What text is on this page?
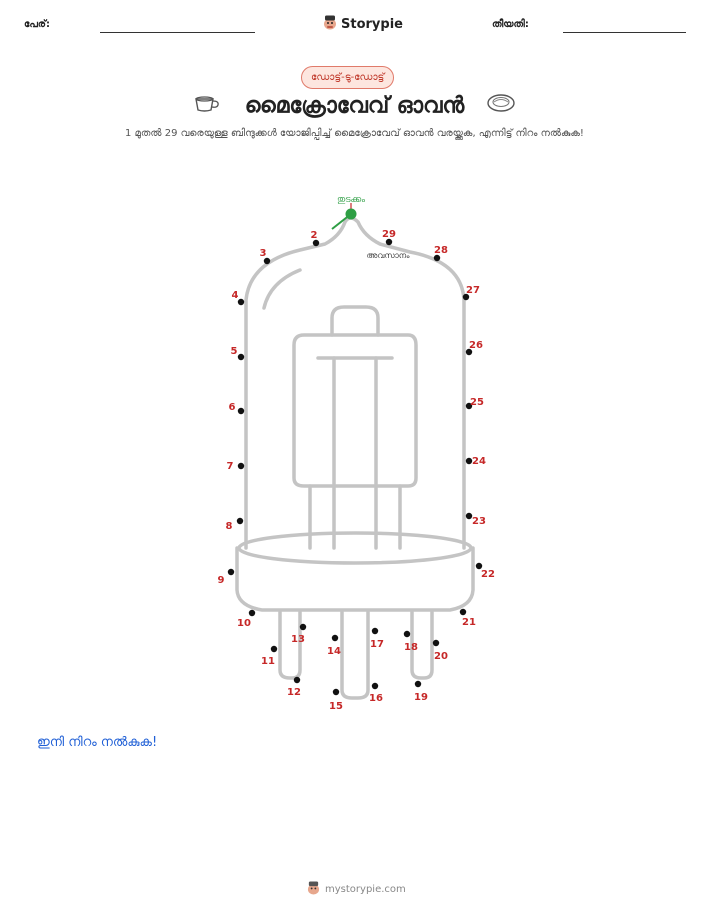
പേര്:	Storypie	തീയതി:
ഡോട്ട്-ടു-ഡോട്ട്
മൈക്രോവേവ് ഓവൻ
1 മുതൽ 29 വരെയുള്ള ബിന്ദുക്കൾ യോജിപ്പിച്ച് മൈക്രോവേവ് ഓവൻ വരയ്ക്കുക, എന്നിട്ട് നിറം നൽകുക!
തുടക്കം
അവസാനം
2
3
4
5
6
7
8
9
10
11
12
13
14
15
16
17 18
19
20
21
22
23
24
25
26
27
28
29
ഇനി നിറം നൽകുക!
mystorypie.com
